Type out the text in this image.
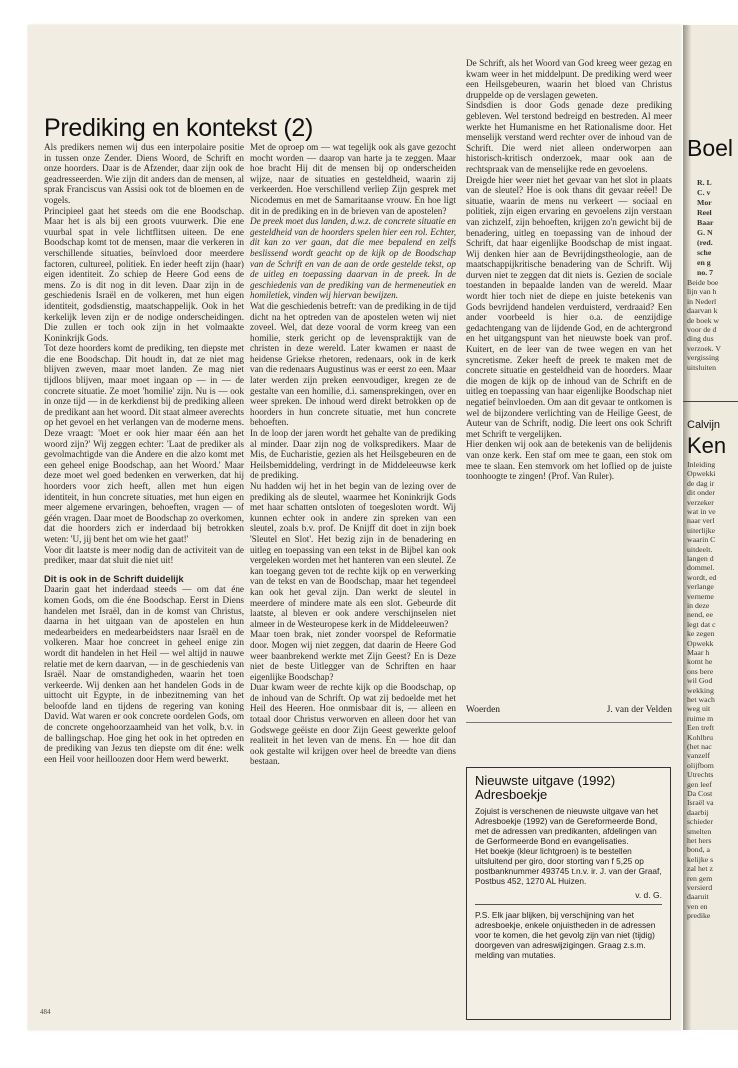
Prediking en kontekst (2)

Als predikers nemen wij dus een interpolaire positie in tussen onze Zender. Diens Woord, de Schrift en onze hoorders. Daar is de Afzender, daar zijn ook de geadresseerden. Wie zijn dit anders dan de mensen, al sprak Franciscus van Assisi ook tot de bloemen en de vogels.

Principieel gaat het steeds om die ene Boodschap. Maar het is als bij een groots vuurwerk. Die ene vuurbal spat in vele lichtflitsen uiteen. De ene Boodschap komt tot de mensen, maar die verkeren in verschillende situaties, beïnvloed door meerdere factoren, cultureel, politiek. En ieder heeft zijn (haar) eigen identiteit. Zo schiep de Heere God eens de mens. Zo is dit nog in dit leven. Daar zijn in de geschiedenis Israël en de volkeren, met hun eigen identiteit, godsdienstig, maatschappelijk. Ook in het kerkelijk leven zijn er de nodige onderscheidingen. Die zullen er toch ook zijn in het volmaakte Koninkrijk Gods.

Tot deze hoorders komt de prediking, ten diepste met die ene Boodschap. Dit houdt in, dat ze niet mag blijven zweven, maar moet landen. Ze mag niet tijdloos blijven, maar moet ingaan op — in — de concrete situatie. Ze moet 'homilie' zijn. Nu is — ook in onze tijd — in de kerkdienst bij de prediking alleen de predikant aan het woord. Dit staat almeer averechts op het gevoel en het verlangen van de moderne mens. Deze vraagt: 'Moet er ook hier maar één aan het woord zijn?' Wij zeggen echter: 'Laat de prediker als gevolmachtigde van die Andere en die alzo komt met een geheel enige Boodschap, aan het Woord.' Maar deze moet wel goed bedenken en verwerken, dat hij hoorders voor zich heeft, allen met hun eigen identiteit, in hun concrete situaties, met hun eigen en meer algemene ervaringen, behoeften, vragen — of géén vragen. Daar moet de Boodschap zo overkomen, dat die hoorders zich er inderdaad bij betrokken weten: 'U, jij bent het om wie het gaat!'

Voor dit laatste is meer nodig dan de activiteit van de prediker, maar dat sluit die niet uit!

Dit is ook in de Schrift duidelijk

Daarin gaat het inderdaad steeds — om dat éne komen Gods, om die éne Boodschap. Eerst in Diens handelen met Israël, dan in de komst van Christus, daarna in het uitgaan van de apostelen en hun medearbeiders en medearbeidsters naar Israël en de volkeren. Maar hoe concreet in geheel enige zin wordt dit handelen in het Heil — wel altijd in nauwe relatie met de kern daarvan, — in de geschiedenis van Israël. Naar de omstandigheden, waarin het toen verkeerde. Wij denken aan het handelen Gods in de uittocht uit Egypte, in de inbezitneming van het beloofde land en tijdens de regering van koning David. Wat waren er ook concrete oordelen Gods, om de concrete ongehoorzaamheid van het volk, b.v. in de ballingschap. Hoe ging het ook in het optreden en de prediking van Jezus ten diepste om dit éne: welk een Heil voor heilloozen door Hem werd bewerkt.

Met de oproep om — wat tegelijk ook als gave gezocht mocht worden — daarop van harte ja te zeggen. Maar hoe bracht Hij dit de mensen bij op onderscheiden wijze, naar de situaties en gesteldheid, waarin zij verkeerden. Hoe verschillend verliep Zijn gesprek met Nicodemus en met de Samaritaanse vrouw. En hoe ligt dit in de prediking en in de brieven van de apostelen?

De preek moet dus landen, d.w.z. de concrete situatie en gesteldheid van de hoorders spelen hier een rol. Echter, dit kan zo ver gaan, dat die mee bepalend en zelfs beslissend wordt geacht op de kijk op de Boodschap van de Schrift en van de aan de orde gestelde tekst, op de uitleg en toepassing daarvan in de preek. In de geschiedenis van de prediking van de hermeneutiek en homiletiek, vinden wij hiervan bewijzen.

Wat die geschiedenis betreft: van de prediking in de tijd dicht na het optreden van de apostelen weten wij niet zoveel. Wel, dat deze vooral de vorm kreeg van een homilie, sterk gericht op de levenspraktijk van de christen in deze wereld. Later kwamen er naast de heidense Griekse rhetoren, redenaars, ook in de kerk van die redenaars Augustinus was er eerst zo een. Maar later werden zijn preken eenvoudiger, kregen ze de gestalte van een homilie, d.i. samensprekingen, over en weer spreken. De inhoud werd direkt betrokken op de hoorders in hun concrete situatie, met hun concrete behoeften.

In de loop der jaren wordt het gehalte van de prediking al minder. Daar zijn nog de volkspredikers. Maar de Mis, de Eucharistie, gezien als het Heilsgebeuren en de Heilsbemiddeling, verdringt in de Middeleeuwse kerk de prediking.

Nu hadden wij het in het begin van de lezing over de prediking als de sleutel, waarmee het Koninkrijk Gods met haar schatten ontsloten of toegesloten wordt. Wij kunnen echter ook in andere zin spreken van een sleutel, zoals b.v. prof. De Knijff dit doet in zijn boek 'Sleutel en Slot'. Het bezig zijn in de benadering en uitleg en toepassing van een tekst in de Bijbel kan ook vergeleken worden met het hanteren van een sleutel. Ze kan toegang geven tot de rechte kijk op en verwerking van de tekst en van de Boodschap, maar het tegendeel kan ook het geval zijn. Dan werkt de sleutel in meerdere of mindere mate als een slot. Gebeurde dit laatste, al bleven er ook andere verschijnselen niet almeer in de Westeuropese kerk in de Middeleeuwen?

Maar toen brak, niet zonder voorspel de Reformatie door. Mogen wij niet zeggen, dat daarin de Heere God weer baanbrekend werkte met Zijn Geest? En is Deze niet de beste Uitlegger van de Schriften en haar eigenlijke Boodschap?

Duar kwam weer de rechte kijk op die Boodschap, op de inhoud van de Schrift. Op wat zij bedoelde met het Heil des Heeren. Hoe onmisbaar dit is, — alleen en totaal door Christus verworven en alleen door het van Godswege geëiste en door Zijn Geest gewerkte geloof realiteit in het leven van de mens. En — hoe dit dan ook gestalte wil krijgen over heel de breedte van diens bestaan.

De Schrift, als het Woord van God kreeg weer gezag en kwam weer in het middelpunt. De prediking werd weer een Heilsgebeuren, waarin het bloed van Christus druppelde op de verslagen geweten.

Sindsdien is door Gods genade deze prediking gebleven. Wel terstond bedreigd en bestreden. Al meer werkte het Humanisme en het Rationalisme door. Het menselijk verstand werd rechter over de inhoud van de Schrift. Die werd niet alleen onderworpen aan historisch-kritisch onderzoek, maar ook aan de rechtspraak van de menselijke rede en gevoelens.

Dreigde hier weer niet het gevaar van het slot in plaats van de sleutel? Hoe is ook thans dit gevaar reëel! De situatie, waarin de mens nu verkeert — sociaal en politiek, zijn eigen ervaring en gevoelens zijn verstaan van zichzelf, zijn behoeften, krijgen zo'n gewicht bij de benadering, uitleg en toepassing van de inhoud der Schrift, dat haar eigenlijke Boodschap de mist ingaat. Wij denken hier aan de Bevrijdingstheologie, aan de maatschappijkritische benadering van de Schrift. Wij durven niet te zeggen dat dit niets is. Gezien de sociale toestanden in bepaalde landen van de wereld. Maar wordt hier toch niet de diepe en juiste betekenis van Gods bevrijdend handelen verduisterd, verdraaid? Een ander voorbeeld is hier o.a. de eenzijdige gedachtengang van de lijdende God, en de achtergrond en het uitgangspunt van het nieuwste boek van prof. Kuitert, en de leer van de twee wegen en van het syncretisme. Zeker heeft de preek te maken met de concrete situatie en gesteldheid van de hoorders. Maar die mogen de kijk op de inhoud van de Schrift en de uitleg en toepassing van haar eigenlijke Boodschap niet negatief beïnvloeden. Om aan dit gevaar te ontkomen is wel de bijzondere verlichting van de Heilige Geest, de Auteur van de Schrift, nodig. Die leert ons ook Schrift met Schrift te vergelijken.

Hier denken wij ook aan de betekenis van de belijdenis van onze kerk. Een staf om mee te gaan, een stok om mee te slaan. Een stemvork om het loflied op de juiste toonhoogte te zingen! (Prof. Van Ruler).

Woerden	J. van der Velden
Nieuwste uitgave (1992)
Adresboekje

Zojuist is verschenen de nieuwste uitgave van het Adresboekje (1992) van de Gereformeerde Bond, met de adressen van predikanten, afdelingen van de Gerformeerde Bond en evangelisaties.

Het boekje (kleur lichtgroen) is te bestellen uitsluitend per giro, door storting van f 5,25 op postbanknummer 493745 t.n.v. ir. J. van der Graaf, Postbus 452, 1270 AL Huizen.

v. d. G.
P.S. Elk jaar blijken, bij verschijning van het adresboekje, enkele onjuistheden in de adressen voor te komen, die het gevolg zijn van niet (tijdig) doorgeven van adreswijzigingen. Graag z.s.m. melding van mutaties.
484
Boel
R. L
C. v
Mor
Reel
Baar
G. N
(red.
sche
en g
no. 7
Beide boe
lijn van h
in Nederl
daarvan k
de boek w
voor de d
ding dus
verzoek. V
vergissing
uitsluiten
Calvijn
Ken
Inleiding
Opwekki
de dag ir
dit onder
verzeker
wat in ve
naar verl
uiterlijke
waarin C
uitdeelt.
langen d
dommel.
wordt, ed
verlange
verneme
in deze
nend, ee
legt dat c
ke zegen
Opwekk
Maar h
komt he
ons bere
wil God
wekking
het wach
weg uit
ruime m
Een treft
Kohlbru
(het nac
vanzelf
olijfbom
Utrechts
gen leef
Da Cost
Israël va
daarbij
schieder
smelten
het hers
bond, a
kelijke s
zal het z
ren gem
versierd
daaruit
ven en
predike
